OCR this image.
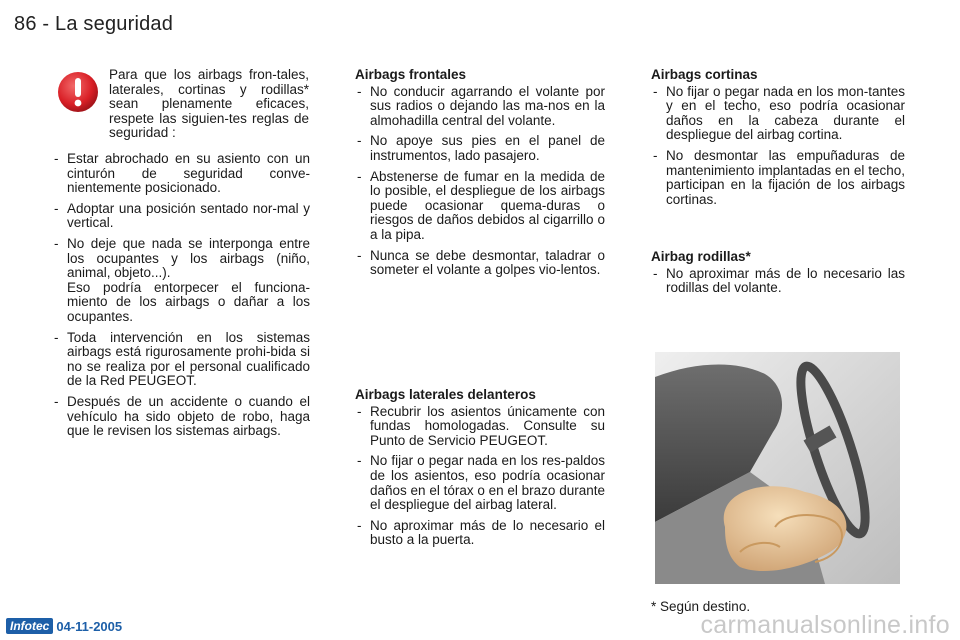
86 - La seguridad
Para que los airbags fron-tales, laterales, cortinas y rodillas* sean plenamente eficaces, respete las siguien-tes reglas de seguridad :
- Estar abrochado en su asiento con un cinturón de seguridad conve-nientemente posicionado.
- Adoptar una posición sentado nor-mal y vertical.
- No deje que nada se interponga entre los ocupantes y los airbags (niño, animal, objeto...).
Eso podría entorpecer el funciona-miento de los airbags o dañar a los ocupantes.
- Toda intervención en los sistemas airbags está rigurosamente prohi-bida si no se realiza por el personal cualificado de la Red PEUGEOT.
- Después de un accidente o cuando el vehículo ha sido objeto de robo, haga que le revisen los sistemas airbags.
Airbags frontales
- No conducir agarrando el volante por sus radios o dejando las ma-nos en la almohadilla central del volante.
- No apoye sus pies en el panel de instrumentos, lado pasajero.
- Abstenerse de fumar en la medida de lo posible, el despliegue de los airbags puede ocasionar quema-duras o riesgos de daños debidos al cigarrillo o a la pipa.
- Nunca se debe desmontar, taladrar o someter el volante a golpes vio-lentos.
Airbags laterales delanteros
- Recubrir los asientos únicamente con fundas homologadas. Consulte su Punto de Servicio PEUGEOT.
- No fijar o pegar nada en los res-paldos de los asientos, eso podría ocasionar daños en el tórax o en el brazo durante el despliegue del airbag lateral.
- No aproximar más de lo necesario el busto a la puerta.
Airbags cortinas
- No fijar o pegar nada en los mon-tantes y en el techo, eso podría ocasionar daños en la cabeza durante el despliegue del airbag cortina.
- No desmontar las empuñaduras de mantenimiento implantadas en el techo, participan en la fijación de los airbags cortinas.
Airbag rodillas*
- No aproximar más de lo necesario las rodillas del volante.
* Según destino.
Infotec 04-11-2005	carmanualsonline.info
